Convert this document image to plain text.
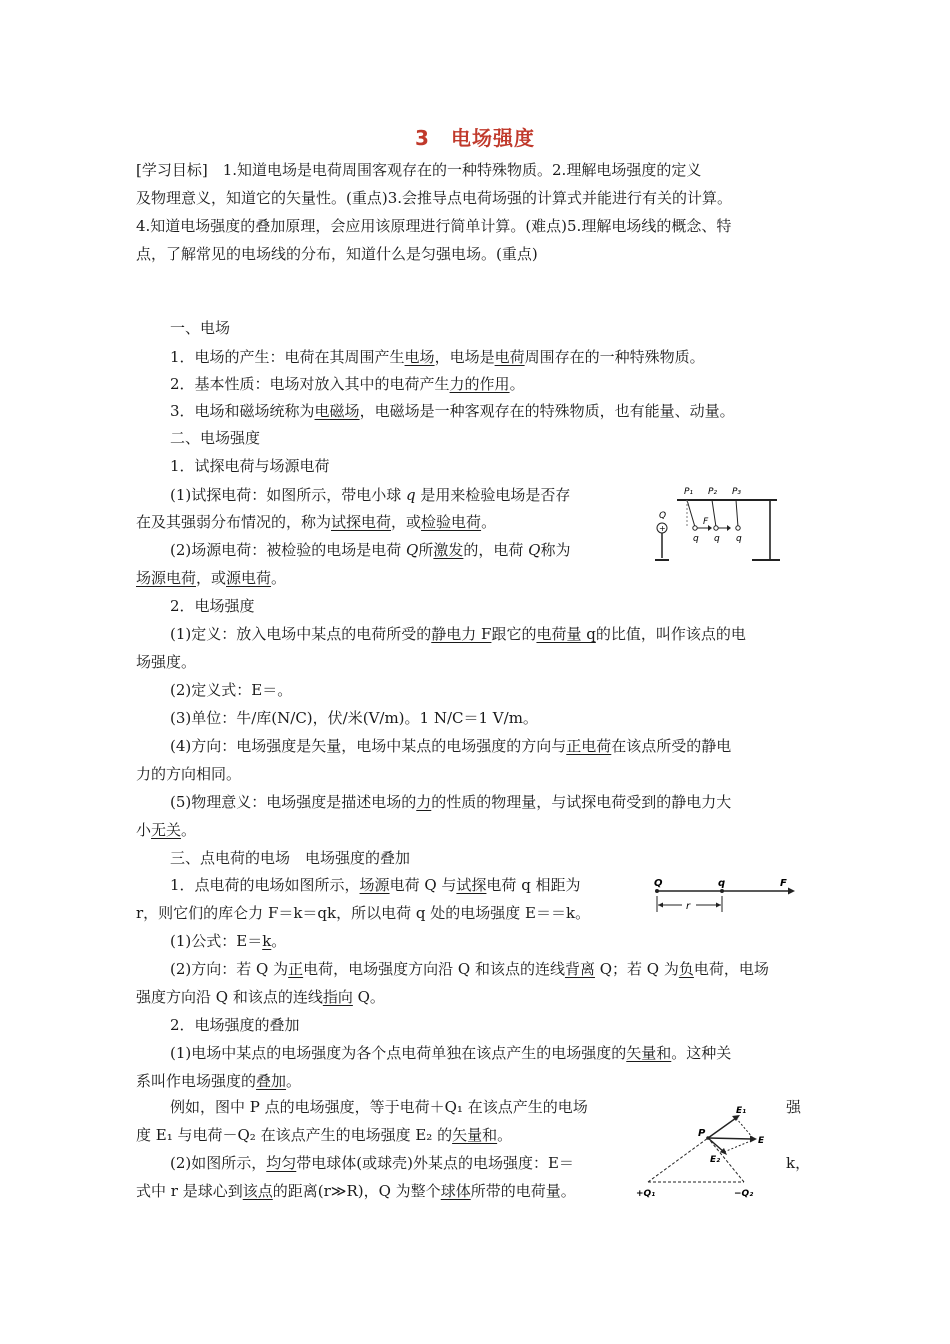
3　电场强度

[学习目标]　1.知道电场是电荷周围客观存在的一种特殊物质。2.理解电场强度的定义

及物理意义，知道它的矢量性。(重点)3.会推导点电荷场强的计算式并能进行有关的计算。

4.知道电场强度的叠加原理，会应用该原理进行简单计算。(难点)5.理解电场线的概念、特

点，了解常见的电场线的分布，知道什么是匀强电场。(重点)

一、电场
1．电场的产生：电荷在其周围产生电场，电场是电荷周围存在的一种特殊物质。
2．基本性质：电场对放入其中的电荷产生力的作用。
3．电场和磁场统称为电磁场，电磁场是一种客观存在的特殊物质，也有能量、动量。
二、电场强度
1．试探电荷与场源电荷
(1)试探电荷：如图所示，带电小球 q 是用来检验电场是否存
在及其强弱分布情况的，称为试探电荷，或检验电荷。
(2)场源电荷：被检验的电场是电荷 Q所激发的，电荷 Q称为
场源电荷，或源电荷。
P₁ P₂ P₃
F
q q q
Q
+
2．电场强度
(1)定义：放入电场中某点的电荷所受的静电力 F跟它的电荷量 q的比值，叫作该点的电
场强度。
(2)定义式：E＝。
(3)单位：牛/库(N/C)，伏/米(V/m)。1 N/C＝1 V/m。
(4)方向：电场强度是矢量，电场中某点的电场强度的方向与正电荷在该点所受的静电
力的方向相同。
(5)物理意义：电场强度是描述电场的力的性质的物理量，与试探电荷受到的静电力大
小无关。
三、点电荷的电场　电场强度的叠加
1．点电荷的电场如图所示，场源电荷 Q 与试探电荷 q 相距为
r，则它们的库仑力 F＝k＝qk，所以电荷 q 处的电场强度 E＝＝k。
Q	q	F
r
(1)公式：E＝k。
(2)方向：若 Q 为正电荷，电场强度方向沿 Q 和该点的连线背离 Q；若 Q 为负电荷，电场
强度方向沿 Q 和该点的连线指向 Q。
2．电场强度的叠加
(1)电场中某点的电场强度为各个点电荷单独在该点产生的电场强度的矢量和。这种关
系叫作电场强度的叠加。
例如，图中 P 点的电场强度，等于电荷＋Q₁ 在该点产生的电场	强
度 E₁ 与电荷－Q₂ 在该点产生的电场强度 E₂ 的矢量和。
(2)如图所示，均匀带电球体(或球壳)外某点的电场强度：E＝	k，
式中 r 是球心到该点的距离(r≫R)，Q 为整个球体所带的电荷量。
P
E₁
E
E₂
+Q₁	−Q₂
